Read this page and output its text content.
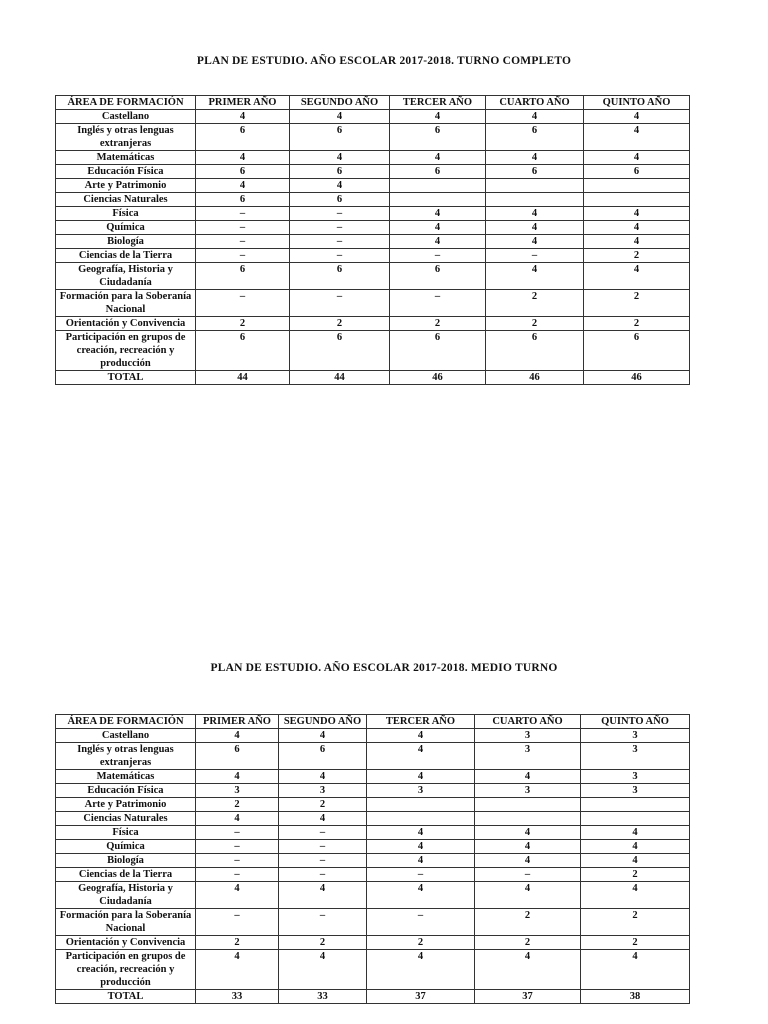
PLAN DE ESTUDIO. AÑO ESCOLAR 2017-2018. TURNO COMPLETO
ÁREA DE FORMACIÓN	PRIMER AÑO	SEGUNDO AÑO	TERCER AÑO	CUARTO AÑO	QUINTO AÑO
Castellano	4	4	4	4	4
Inglés y otras lenguas extranjeras	6	6	6	6	4
Matemáticas	4	4	4	4	4
Educación Física	6	6	6	6	6
Arte y Patrimonio	4	4			
Ciencias Naturales	6	6			
Física	–	–	4	4	4
Química	–	–	4	4	4
Biología	–	–	4	4	4
Ciencias de la Tierra	–	–	–	–	2
Geografía, Historia y Ciudadanía	6	6	6	4	4
Formación para la Soberanía Nacional	–	–	–	2	2
Orientación y Convivencia	2	2	2	2	2
Participación en grupos de creación, recreación y producción	6	6	6	6	6
TOTAL	44	44	46	46	46
PLAN DE ESTUDIO. AÑO ESCOLAR 2017-2018. MEDIO TURNO
ÁREA DE FORMACIÓN	PRIMER AÑO	SEGUNDO AÑO	TERCER AÑO	CUARTO AÑO	QUINTO AÑO
Castellano	4	4	4	3	3
Inglés y otras lenguas extranjeras	6	6	4	3	3
Matemáticas	4	4	4	4	3
Educación Física	3	3	3	3	3
Arte y Patrimonio	2	2			
Ciencias Naturales	4	4			
Física	–	–	4	4	4
Química	–	–	4	4	4
Biología	–	–	4	4	4
Ciencias de la Tierra	–	–	–	–	2
Geografía, Historia y Ciudadanía	4	4	4	4	4
Formación para la Soberanía Nacional	–	–	–	2	2
Orientación y Convivencia	2	2	2	2	2
Participación en grupos de creación, recreación y producción	4	4	4	4	4
TOTAL	33	33	37	37	38
